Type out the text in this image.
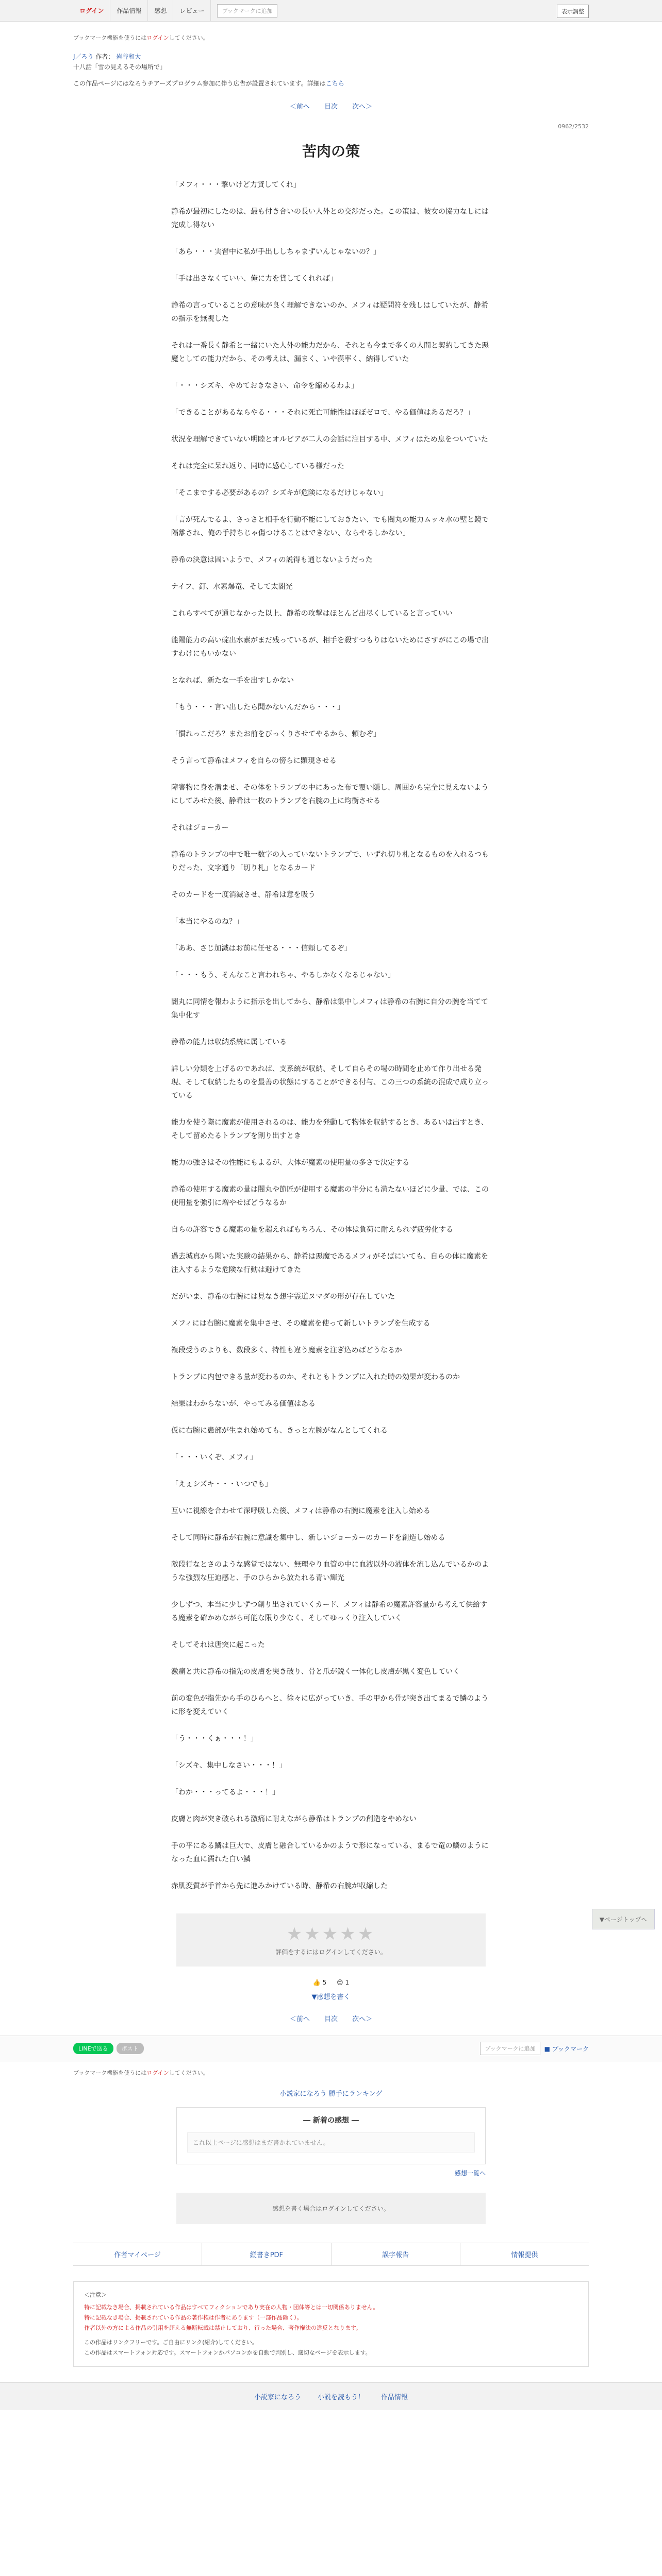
ログイン	作品情報	感想	レビュー	ブックマークに追加	表示調整
ブックマーク機能を使うにはログインしてください。
J／ろう 作者： 岩谷和大
十八話「雪の見えるその場所で」
この作品ページにはなろうチアーズプログラム参加に伴う広告が設置されています。詳細はこちら
＜前へ 目次 次へ＞
0962/2532
苦肉の策

「メフィ・・・撃いけど力貸してくれ」

静希が最初にしたのは、最も付き合いの長い人外との交渉だった。この策は、彼女の協力なしには完成し得ない

「あら・・・実習中に私が手出ししちゃまずいんじゃないの？」

「手は出さなくていい、俺に力を貸してくれれば」

静希の言っていることの意味が良く理解できないのか、メフィは疑問符を残しはしていたが、静希の指示を無視した

それは一番長く静希と一緒にいた人外の能力だから、それとも今まで多くの人間と契約してきた悪魔としての能力だから、その考えは、漏まく、いや漠率く、納得していた

「・・・シズキ、やめておきなさい、命令を縮めるわよ」

「できることがあるならやる・・・それに死亡可能性はほぼゼロで、やる価値はあるだろ？」

状況を理解できていない明睦とオルビアが二人の会話に注目する中、メフィはため息をついていた

それは完全に呆れ返り、同時に感心している様だった

「そこまでする必要があるの？シズキが危険になるだけじゃない」

「言が死んでるよ、さっさと相手を行動不能にしておきたい、でも闇丸の能力ムッ々水の壁と鏡で隔離され、俺の手持ちじゃ傷つけることはできない、ならやるしかない」

静希の決意は固いようで、メフィの説得も通じないようだった

ナイフ、釘、水素爆竜、そして太閤光

これらすべてが通じなかった以上、静希の攻撃はほとんど出尽くしていると言っていい

能陽能力の高い碇出水素がまだ残っているが、相手を殺すつもりはないためにさすがにこの場で出すわけにもいかない

となれば、新たな一手を出すしかない

「もう・・・言い出したら聞かないんだから・・・」

「慣れっこだろ？またお前をびっくりさせてやるから、頼むぞ」

そう言って静希はメフィを自らの傍らに顕現させる

障害物に身を潜ませ、その体をトランプの中にあった布で覆い隠し、周囲から完全に見えないようにしてみせた後、静希は一枚のトランプを右腕の上に均衡させる

それはジョーカー

静希のトランプの中で唯一数字の入っていないトランプで、いずれ切り札となるものを入れるつもりだった、文字通り「切り札」となるカード

そのカードを一度消滅させ、静希は意を吸う

「本当にやるのね？」

「ああ、さじ加減はお前に任せる・・・信頼してるぞ」

「・・・もう、そんなこと言われちゃ、やるしかなくなるじゃない」

闇丸に同情を報わように指示を出してから、静希は集中しメフィは静希の右腕に自分の腕を当てて集中化す

静希の能力は収納系統に属している

詳しい分類を上げるのであれば、支系統が収納、そして自らその場の時間を止めて作り出せる発現、そして収納したものを最善の状態にすることができる付与、この三つの系統の混成で成り立っている

能力を使う際に魔素が使用されるのは、能力を発動して物体を収納するとき、あるいは出すとき、そして留めたるトランプを割り出すとき

能力の強さはその性能にもよるが、大体が魔素の使用量の多さで決定する

静希の使用する魔素の量は闇丸や節匠が使用する魔素の半分にも満たないほどに少量、では、この使用量を強引に増やせばどうなるか

自らの許容できる魔素の量を超えればもちろん、その体は負荷に耐えられず疲労化する

過去城真から聞いた実験の結果から、静希は悪魔であるメフィがそばにいても、自らの体に魔素を注入するような危険な行動は避けてきた

だがいま、静希の右腕には見なき想宇霊道ヌマダの形が存在していた

メフィには右腕に魔素を集中させ、その魔素を使って新しいトランプを生成する

複段受うのよりも、数段多く、特性も違う魔素を注ぎ込めばどうなるか

トランプに内包できる量が変わるのか、それともトランプに入れた時の効果が変わるのか

結果はわからないが、やってみる価値はある

仮に右腕に患部が生まれ始めても、きっと左腕がなんとしてくれる

「・・・いくぞ、メフィ」

「えぇシズキ・・・いつでも」

互いに視線を合わせて深呼吸した後、メフィは静希の右腕に魔素を注入し始める

そして同時に静希が右腕に意識を集中し、新しいジョーカーのカードを創造し始める

敵段行なとさのような感覚ではない、無理やり血管の中に血液以外の液体を流し込んでいるかのような強烈な圧迫感と、手のひらから放たれる青い輝光

少しずつ、本当に少しずつ創り出されていくカード、メフィは静希の魔素許容量から考えて供給する魔素を確かめながら可能な限り少なく、そしてゆっくり注入していく

そしてそれは唐突に起こった

激痛と共に静希の指先の皮膚を突き破り、骨と爪が鋭く一体化し皮膚が黒く変色していく

前の変色が指先から手のひらへと、徐々に広がっていき、手の甲から骨が突き出てまるで鱗のように形を変えていく

「う・・・くぁ・・・！」

「シズキ、集中しなさい・・・！」

「わか・・・ってるよ・・・！」

皮膚と肉が突き破られる激痛に耐えながら静希はトランプの創造をやめない

手の平にある鱗は巨大で、皮膚と融合しているかのようで形になっている、まるで竜の鱗のようになった血に濡れた白い鱗

赤肌変質が手首から先に進みかけている時、静希の右腕が収縮した

★★★★★
評価をするにはログインしてください。
👍 5 😊 1
▼感想を書く
＜前へ 目次 次へ＞
LINEで送る	ポスト	ブックマークに追加	■ ブックマーク
ブックマーク機能を使うにはログインしてください。
小説家になろう 勝手にランキング
― 新着の感想 ―
これ以上ページに感想はまだ書かれていません。
感想一覧へ
感想を書く場合はログインしてください。
作者マイページ	縦書きPDF	誤字報告	情報提供
＜注意＞
特に記載なき場合、掲載されている作品はすべてフィクションであり実在の人物・団体等とは一切関係ありません。
特に記載なき場合、掲載されている作品の著作権は作者にあります（一部作品除く）。
作者以外の方による作品の引用を超える無断転載は禁止しており、行った場合、著作権法の違反となります。
この作品はリンクフリーです。ご自由にリンク(紹介)してください。
この作品はスマートフォン対応です。スマートフォンかパソコンかを自動で判別し、適切なページを表示します。
小説家になろう 小説を読もう！ 作品情報
▼ページトップへ
